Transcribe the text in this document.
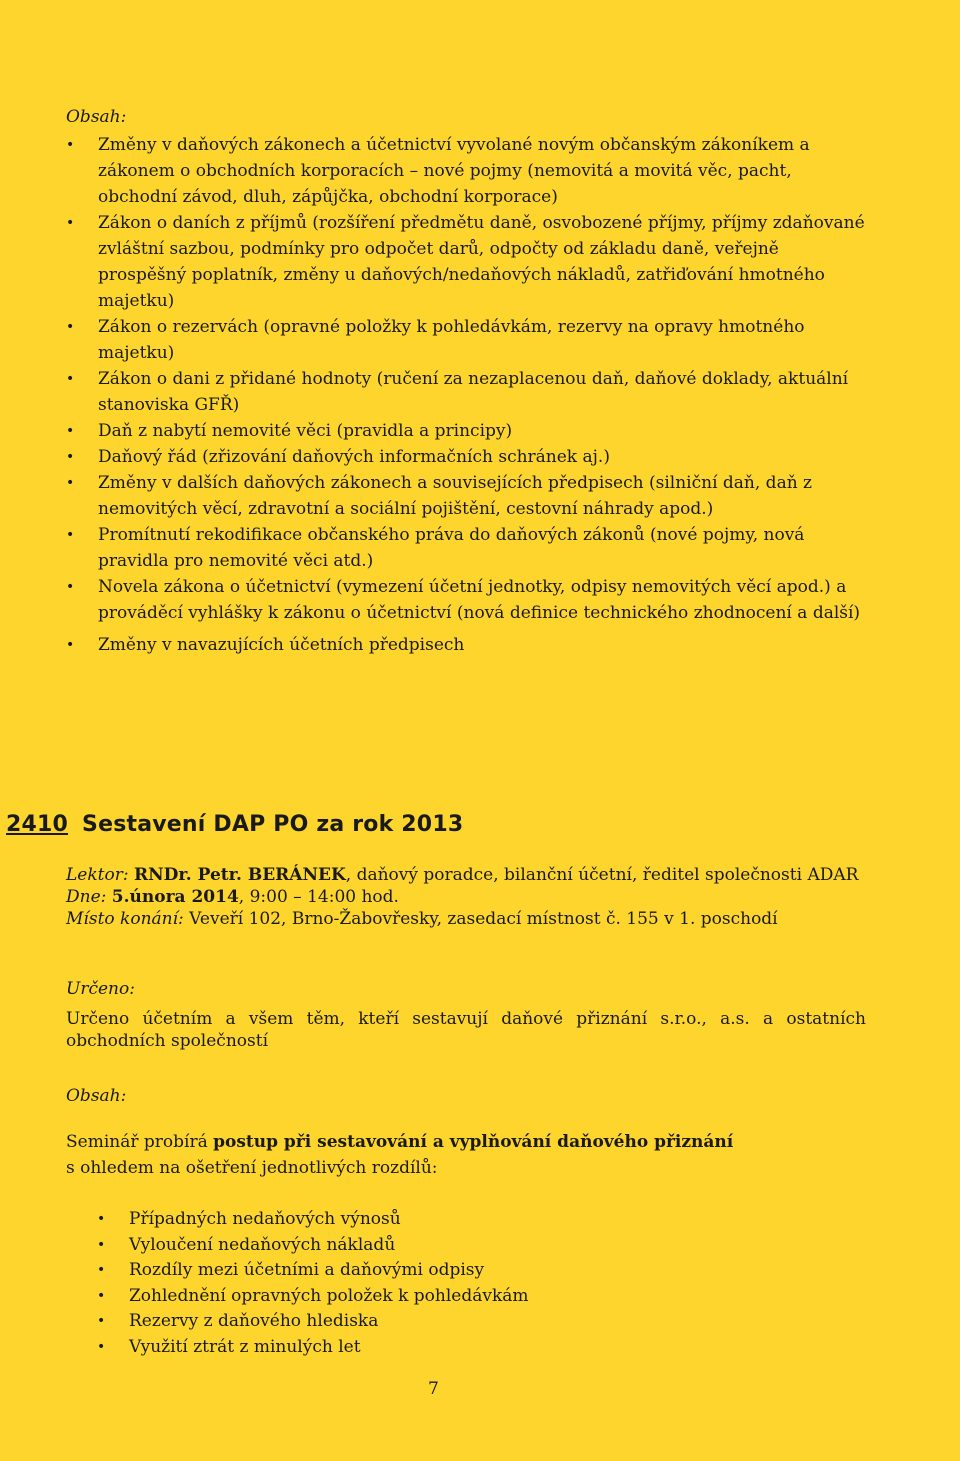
Obsah:
Změny v daňových zákonech a účetnictví vyvolané novým občanským zákoníkem a zákonem o obchodních korporacích – nové pojmy (nemovitá a movitá věc, pacht, obchodní závod, dluh, zápůjčka, obchodní korporace)
Zákon o daních z příjmů (rozšíření předmětu daně, osvobozené příjmy, příjmy zdaňované zvláštní sazbou, podmínky pro odpočet darů, odpočty od základu daně, veřejně prospěšný poplatník, změny u daňových/nedaňových nákladů, zatřiďování hmotného majetku)
Zákon o rezervách (opravné položky k pohledávkám, rezervy na opravy hmotného majetku)
Zákon o dani z přidané hodnoty (ručení za nezaplacenou daň, daňové doklady, aktuální stanoviska GFŘ)
Daň z nabytí nemovité věci (pravidla a principy)
Daňový řád (zřizování daňových informačních schránek aj.)
Změny v dalších daňových zákonech a souvisejících předpisech (silniční daň, daň z nemovitých věcí, zdravotní a sociální pojištění, cestovní náhrady apod.)
Promítnutí rekodifikace občanského práva do daňových zákonů (nové pojmy, nová pravidla pro nemovité věci atd.)
Novela zákona o účetnictví (vymezení účetní jednotky, odpisy nemovitých věcí apod.) a prováděcí vyhlášky k zákonu o účetnictví (nová definice technického zhodnocení a další)
Změny v navazujících účetních předpisech
2410 Sestavení DAP PO za rok 2013

Lektor: RNDr. Petr. BERÁNEK, daňový poradce, bilanční účetní, ředitel společnosti ADAR

Dne: 5.února 2014, 9:00 – 14:00 hod.

Místo konání: Veveří 102, Brno-Žabovřesky, zasedací místnost č. 155 v 1. poschodí

Určeno:
Určeno účetním a všem těm, kteří sestavují daňové přiznání s.r.o., a.s. a ostatních obchodních společností
Obsah:
Seminář probírá postup při sestavování a vyplňování daňového přiznání
s ohledem na ošetření jednotlivých rozdílů:
•
Případných nedaňových výnosů
•
Vyloučení nedaňových nákladů
•
Rozdíly mezi účetními a daňovými odpisy
•
Zohlednění opravných položek k pohledávkám
•
Rezervy z daňového hlediska
•
Využití ztrát z minulých let
7
